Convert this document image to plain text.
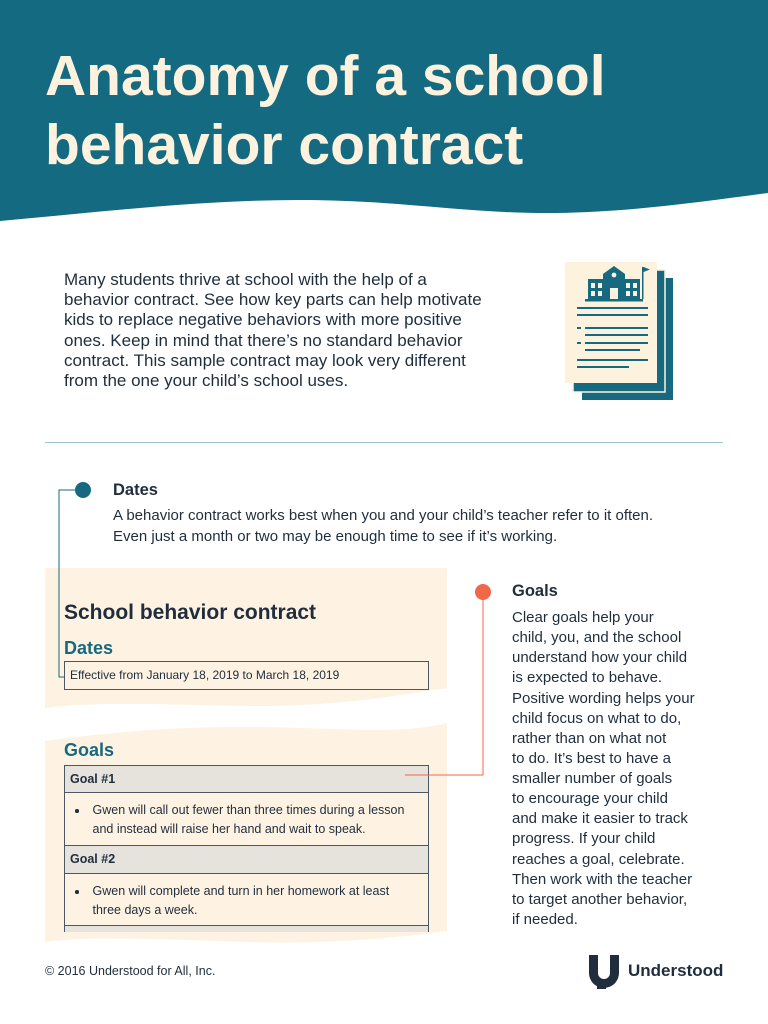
Anatomy of a school behavior contract

Many students thrive at school with the help of a
behavior contract. See how key parts can help motivate
kids to replace negative behaviors with more positive
ones. Keep in mind that there’s no standard behavior
contract. This sample contract may look very different
from the one your child’s school uses.

School behavior contract
Dates
Effective from January 18, 2019 to March 18, 2019
Goals
Goal #1
Gwen will call out fewer than three times during a lesson and instead will raise her hand and wait to speak.
Goal #2
Gwen will complete and turn in her homework at least three days a week.
Dates

A behavior contract works best when you and your child’s teacher refer to it often.
Even just a month or two may be enough time to see if it’s working.

Goals

Clear goals help your
child, you, and the school
understand how your child
is expected to behave.
Positive wording helps your
child focus on what to do,
rather than on what not
to do. It’s best to have a
smaller number of goals
to encourage your child
and make it easier to track
progress. If your child
reaches a goal, celebrate.
Then work with the teacher
to target another behavior,
if needed.

© 2016 Understood for All, Inc.	Understood
